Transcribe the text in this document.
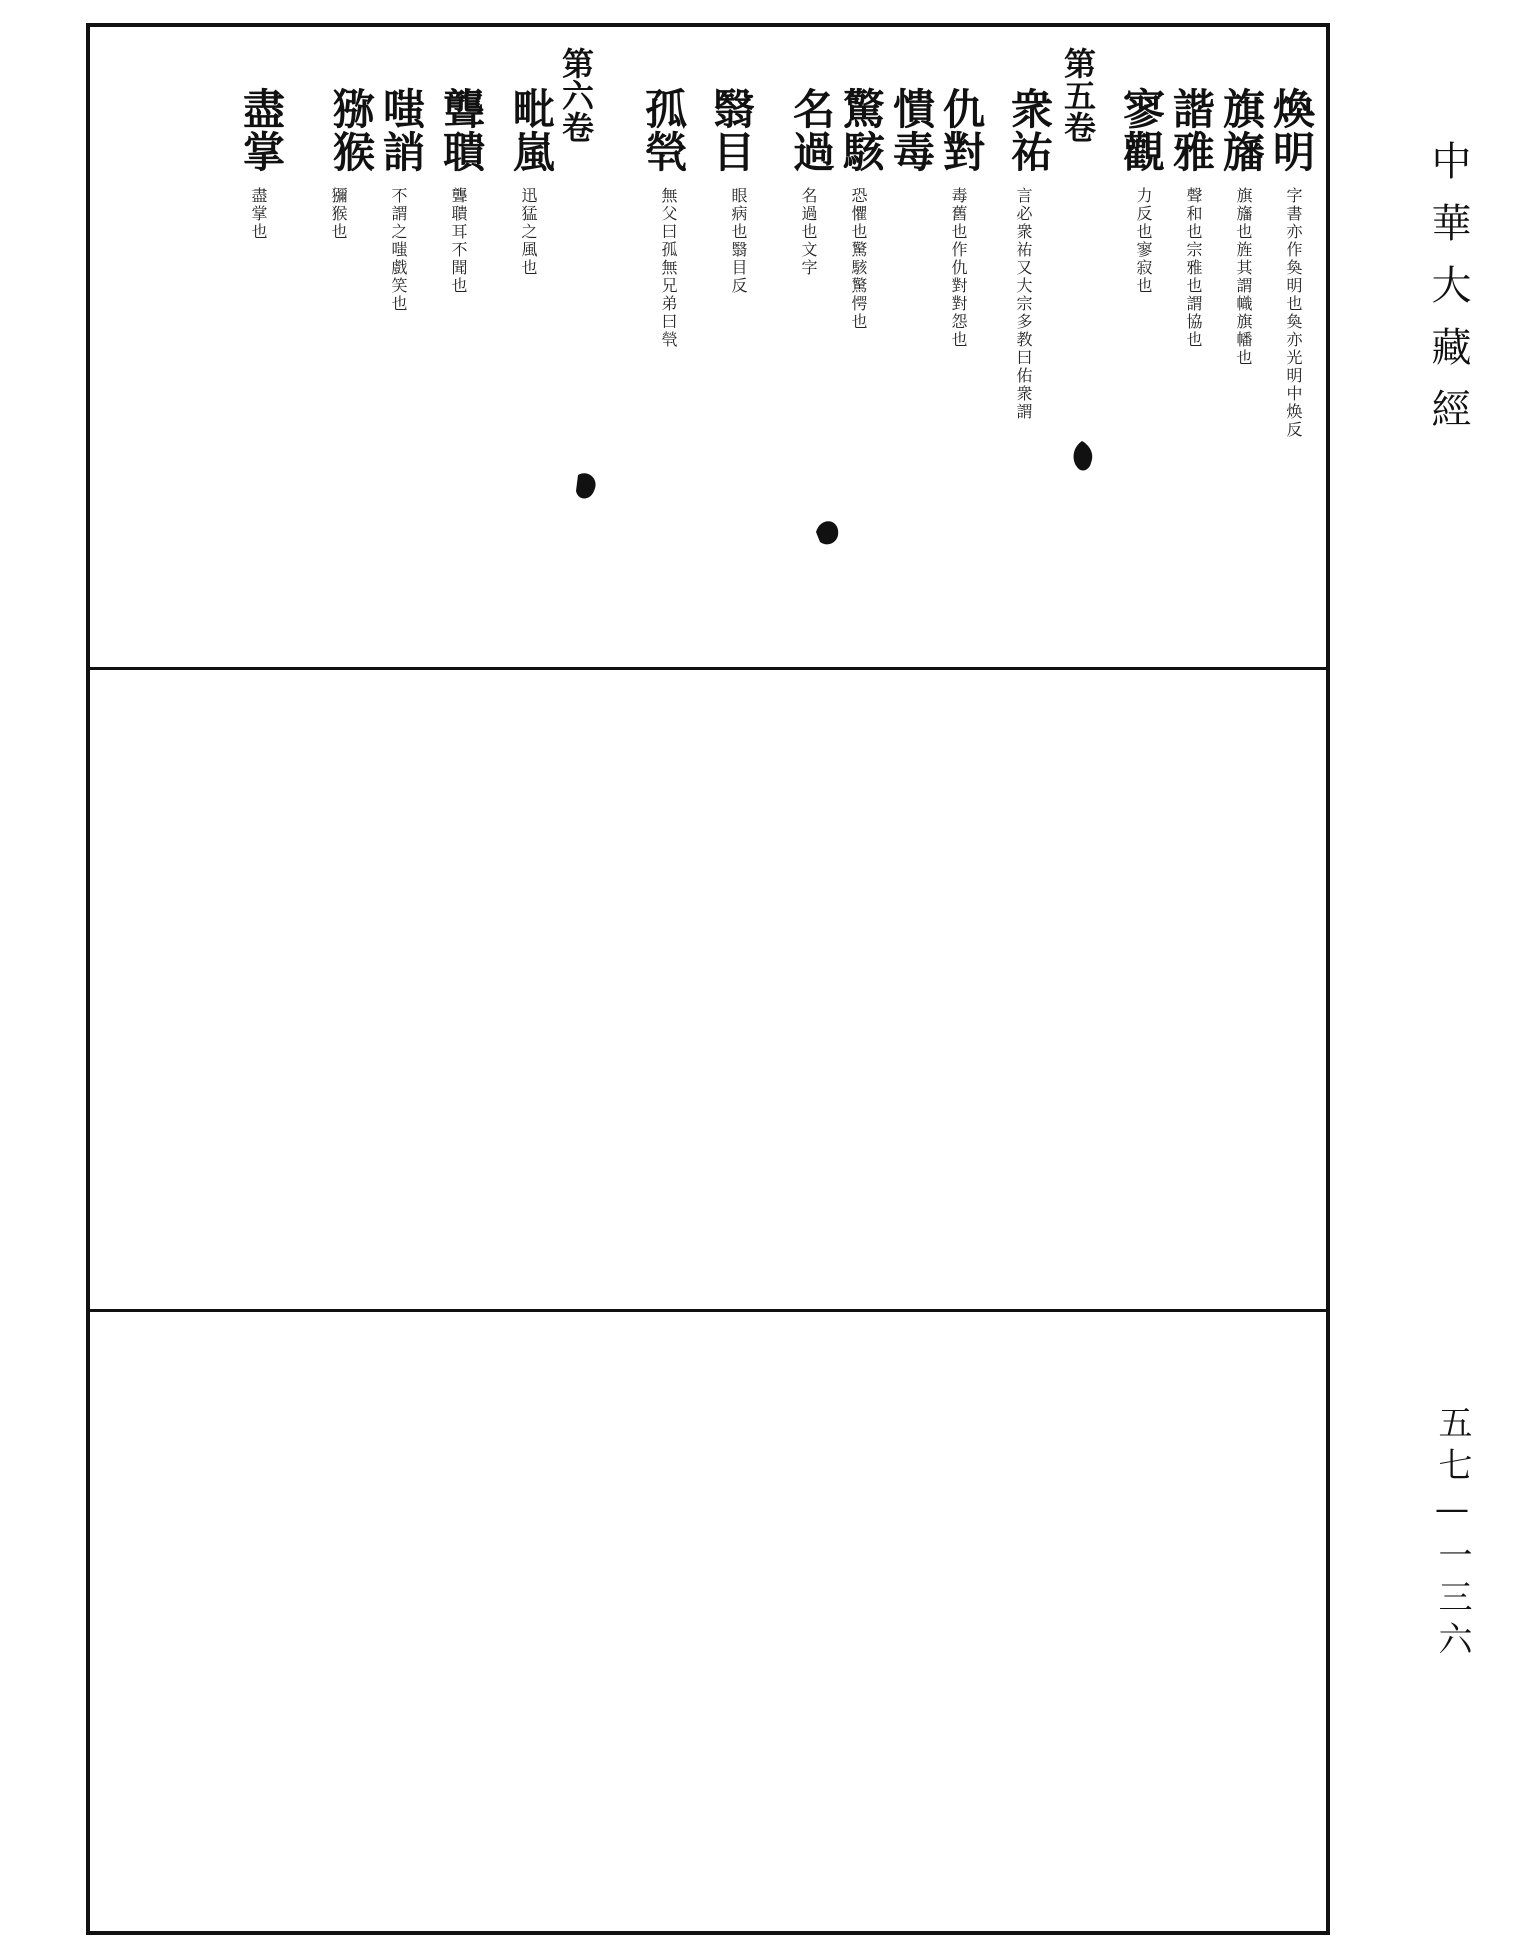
中華大藏經
五七—一三六
煥明
旗旛
諧雅
寥觀
第五卷
衆祐
仇對
憒毒
驚駭
名過
翳目
孤煢
第六卷
毗嵐
聾聵
嗤誚
猕猴
盡掌
字書亦作奐明也奐亦光明中焕反
旗旛也旌其謂幟旗幡也
聲和也宗雅也謂協也
力反也寥寂也
言必衆祐又大宗多教曰佑衆謂
毒舊也作仇對對怨也
恐懼也驚駭驚愕也
名過也文字
眼病也翳目反
無父曰孤無兄弟曰煢
迅猛之風也
聾聵耳不聞也
不謂之嗤戲笑也
獼猴也
盡掌也
